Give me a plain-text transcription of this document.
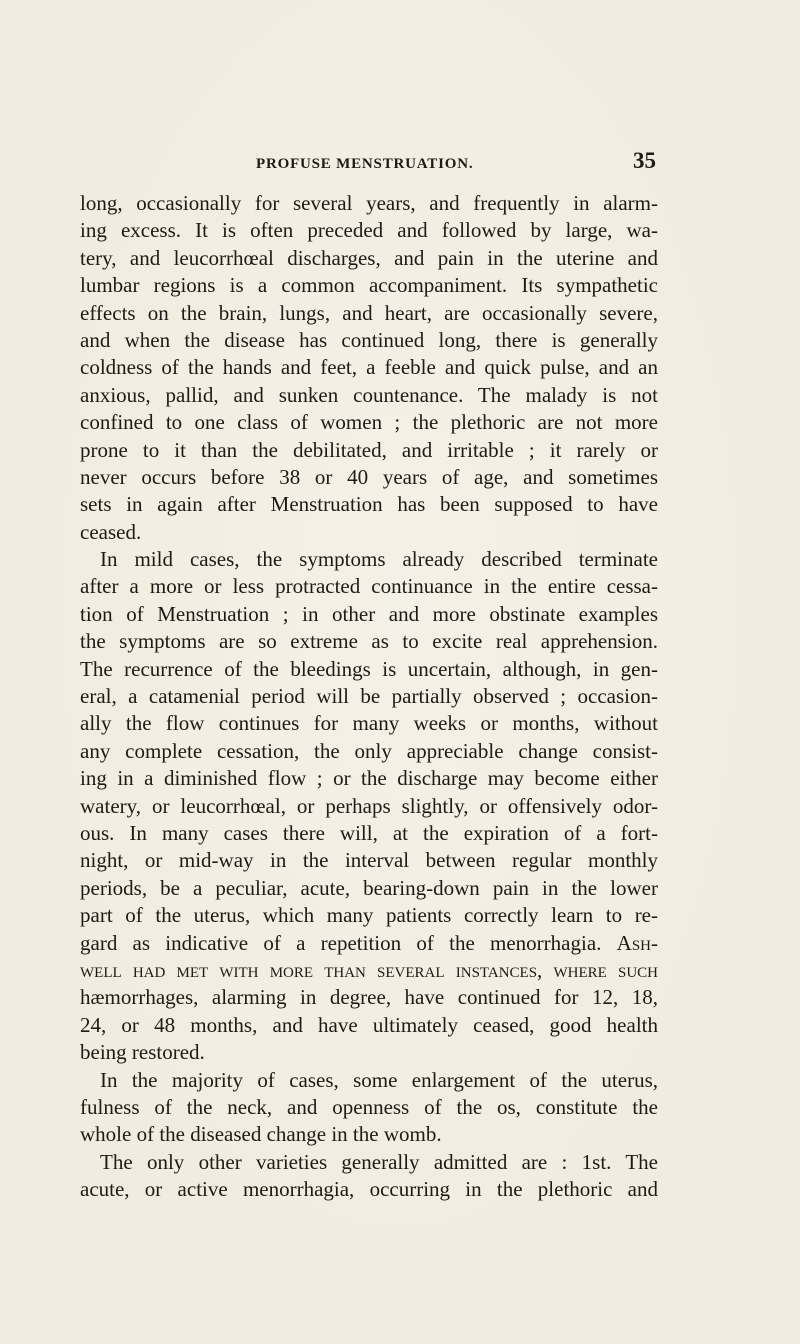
PROFUSE MENSTRUATION.	35
long, occasionally for several years, and frequently in alarm-
ing excess. It is often preceded and followed by large, wa-
tery, and leucorrhœal discharges, and pain in the uterine and
lumbar regions is a common accompaniment. Its sympathetic
effects on the brain, lungs, and heart, are occasionally severe,
and when the disease has continued long, there is generally
coldness of the hands and feet, a feeble and quick pulse, and an
anxious, pallid, and sunken countenance. The malady is not
confined to one class of women ; the plethoric are not more
prone to it than the debilitated, and irritable ; it rarely or
never occurs before 38 or 40 years of age, and sometimes
sets in again after Menstruation has been supposed to have
ceased.
In mild cases, the symptoms already described terminate
after a more or less protracted continuance in the entire cessa-
tion of Menstruation ; in other and more obstinate examples
the symptoms are so extreme as to excite real apprehension.
The recurrence of the bleedings is uncertain, although, in gen-
eral, a catamenial period will be partially observed ; occasion-
ally the flow continues for many weeks or months, without
any complete cessation, the only appreciable change consist-
ing in a diminished flow ; or the discharge may become either
watery, or leucorrhœal, or perhaps slightly, or offensively odor-
ous. In many cases there will, at the expiration of a fort-
night, or mid-way in the interval between regular monthly
periods, be a peculiar, acute, bearing-down pain in the lower
part of the uterus, which many patients correctly learn to re-
gard as indicative of a repetition of the menorrhagia. Ash-
well had met with more than several instances, where such
hæmorrhages, alarming in degree, have continued for 12, 18,
24, or 48 months, and have ultimately ceased, good health
being restored.
In the majority of cases, some enlargement of the uterus,
fulness of the neck, and openness of the os, constitute the
whole of the diseased change in the womb.
The only other varieties generally admitted are : 1st. The
acute, or active menorrhagia, occurring in the plethoric and
